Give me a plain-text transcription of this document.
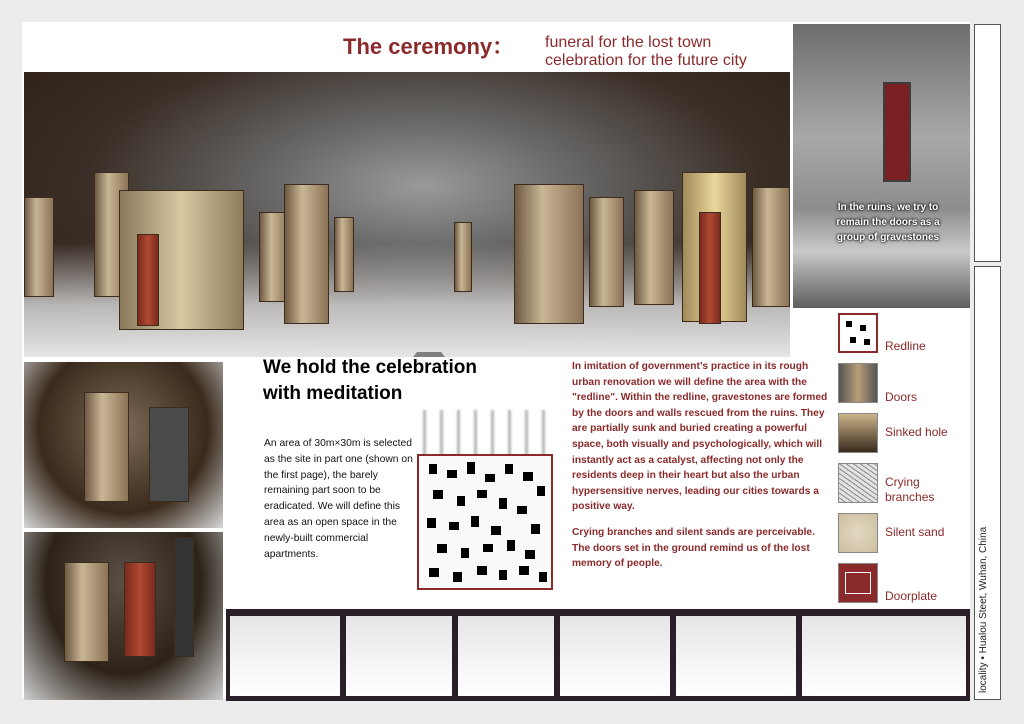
The ceremony： funeral for the lost town
celebration for the future city
In the ruins, we try to
remain the doors as a
group of gravestones
We hold the celebration
with meditation
An area of 30m×30m is selected as the site in part one (shown on the first page), the barely remaining part soon to be eradicated. We will define this area as an open space in the newly-built commercial apartments.

In imitation of government’s practice in its rough urban renovation we will define the area with the "redline". Within the redline, gravestones are formed by the doors and walls rescued from the ruins. They are partially sunk and buried creating a powerful space, both visually and psychologically, which will instantly act as a catalyst, affecting not only the residents deep in their heart but also the urban hypersensitive nerves, leading our cities towards a positive way.

Crying branches and silent sands are perceivable. The doors set in the ground remind us of the lost memory of people.

Redline
Doors
Sinked hole
Crying branches
Silent sand
Doorplate	locality • Hualou Steet, Wuhan, China
